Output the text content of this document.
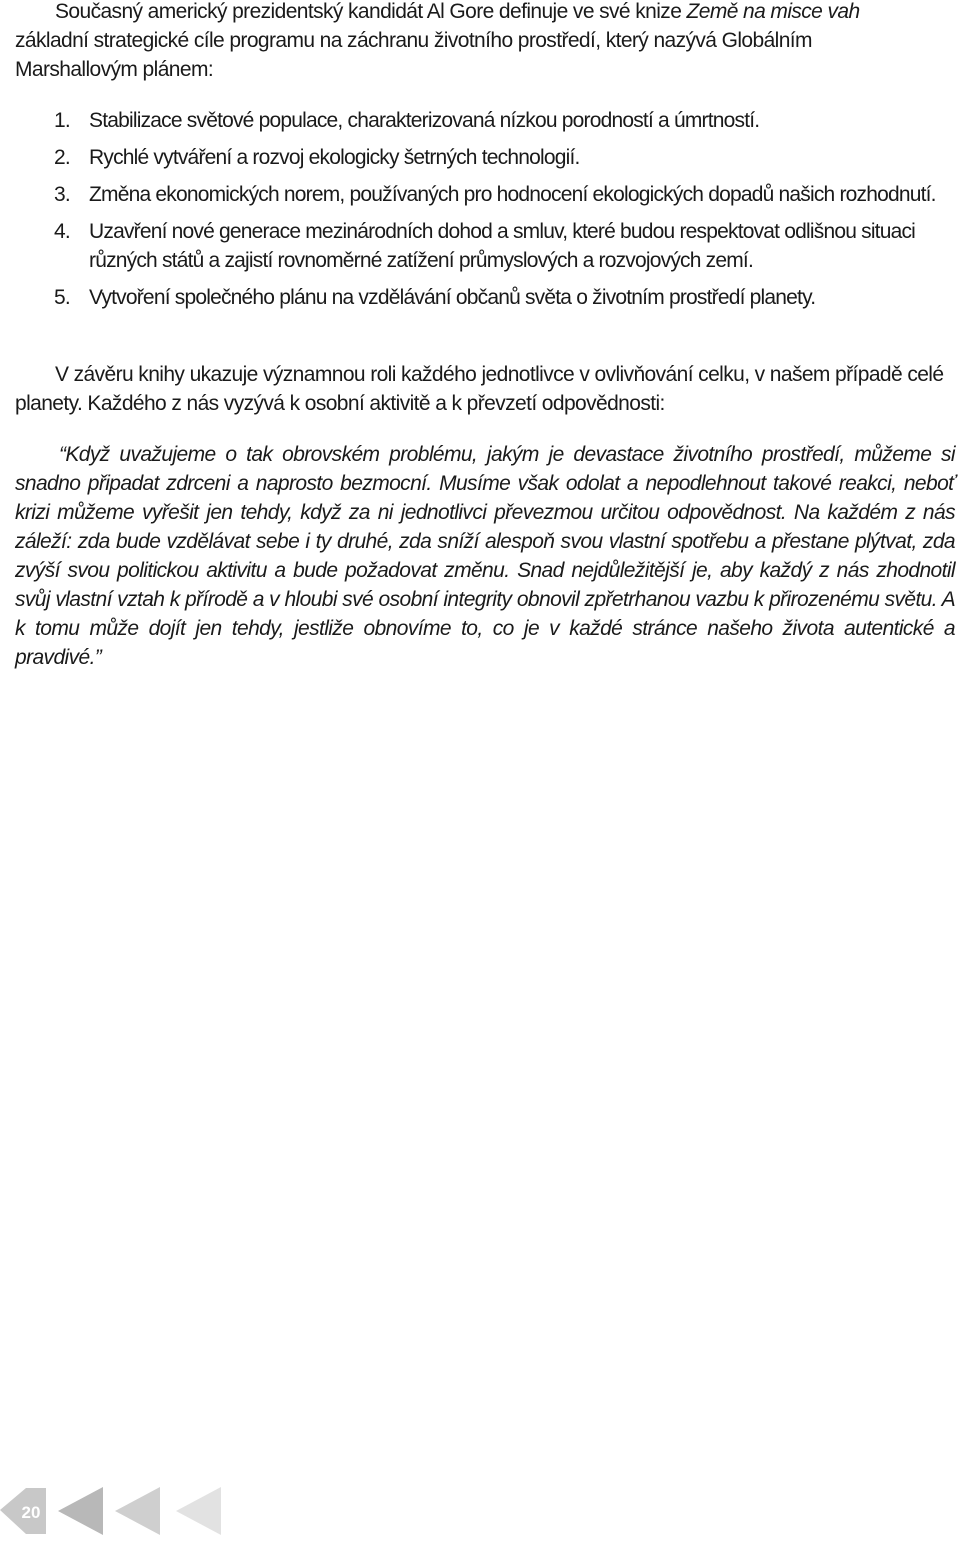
Současný americký prezidentský kandidát Al Gore definuje ve své knize Země na misce vah základní strategické cíle programu na záchranu životního prostředí, který nazývá Globálním Marshallovým plánem:

1. Stabilizace světové populace, charakterizovaná nízkou porodností a úmrtností.
2. Rychlé vytváření a rozvoj ekologicky šetrných technologií.
3. Změna ekonomických norem, používaných pro hodnocení ekologických dopadů našich rozhodnutí.
4. Uzavření nové generace mezinárodních dohod a smluv, které budou respektovat odlišnou situaci různých států a zajistí rovnoměrné zatížení průmyslových a rozvojových zemí.
5. Vytvoření společného plánu na vzdělávání občanů světa o životním prostředí planety.

V závěru knihy ukazuje významnou roli každého jednotlivce v ovlivňování celku, v našem případě celé planety. Každého z nás vyzývá k osobní aktivitě a k převzetí odpovědnosti:

“Když uvažujeme o tak obrovském problému, jakým je devastace životního prostředí, můžeme si snadno připadat zdrceni a naprosto bezmocní. Musíme však odolat a nepodlehnout takové reakci, neboť krizi můžeme vyřešit jen tehdy, když za ni jednotlivci převezmou určitou odpovědnost. Na každém z nás záleží: zda bude vzdělávat sebe i ty druhé, zda sníží alespoň svou vlastní spotřebu a přestane plýtvat, zda zvýší svou politickou aktivitu a bude požadovat změnu. Snad nejdůležitější je, aby každý z nás zhodnotil svůj vlastní vztah k přírodě a v hloubi své osobní integrity obnovil zpřetrhanou vazbu k přirozenému světu. A k tomu může dojít jen tehdy, jestliže obnovíme to, co je v každé stránce našeho života autentické a pravdivé.”

20
